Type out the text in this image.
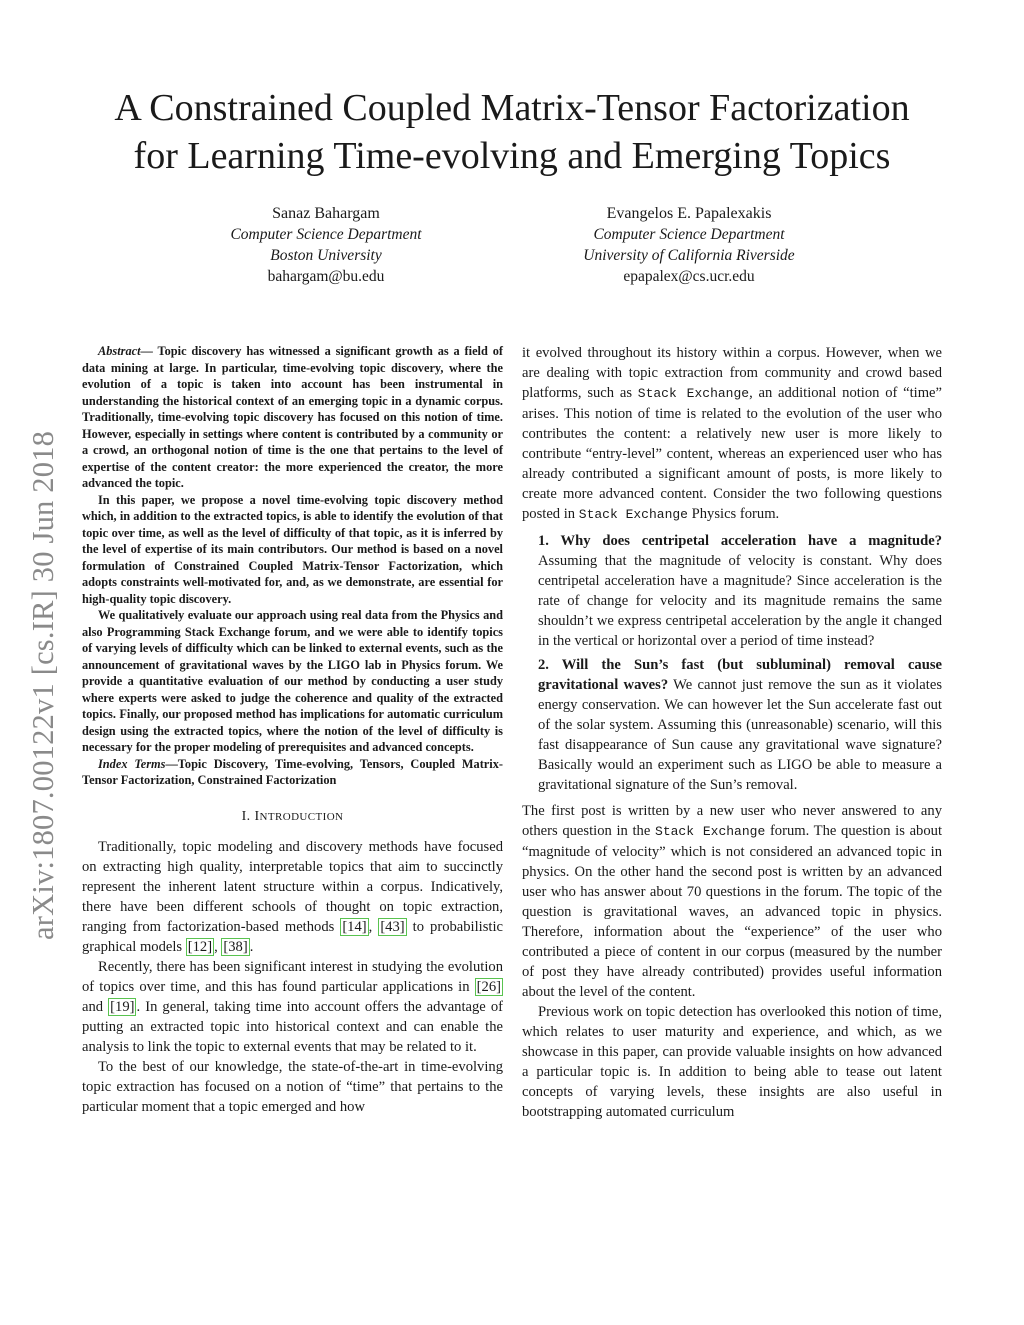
arXiv:1807.00122v1 [cs.IR] 30 Jun 2018
A Constrained Coupled Matrix-Tensor Factorization
for Learning Time-evolving and Emerging Topics
Sanaz Bahargam
Computer Science Department
Boston University
bahargam@bu.edu
Evangelos E. Papalexakis
Computer Science Department
University of California Riverside
epapalex@cs.ucr.edu

Abstract— Topic discovery has witnessed a significant growth as a field of data mining at large. In particular, time-evolving topic discovery, where the evolution of a topic is taken into account has been instrumental in understanding the historical context of an emerging topic in a dynamic corpus. Traditionally, time-evolving topic discovery has focused on this notion of time. However, especially in settings where content is contributed by a community or a crowd, an orthogonal notion of time is the one that pertains to the level of expertise of the content creator: the more experienced the creator, the more advanced the topic.

In this paper, we propose a novel time-evolving topic discovery method which, in addition to the extracted topics, is able to identify the evolution of that topic over time, as well as the level of difficulty of that topic, as it is inferred by the level of expertise of its main contributors. Our method is based on a novel formulation of Constrained Coupled Matrix-Tensor Factorization, which adopts constraints well-motivated for, and, as we demonstrate, are essential for high-quality topic discovery.

We qualitatively evaluate our approach using real data from the Physics and also Programming Stack Exchange forum, and we were able to identify topics of varying levels of difficulty which can be linked to external events, such as the announcement of gravitational waves by the LIGO lab in Physics forum. We provide a quantitative evaluation of our method by conducting a user study where experts were asked to judge the coherence and quality of the extracted topics. Finally, our proposed method has implications for automatic curriculum design using the extracted topics, where the notion of the level of difficulty is necessary for the proper modeling of prerequisites and advanced concepts.

Index Terms—Topic Discovery, Time-evolving, Tensors, Coupled Matrix-Tensor Factorization, Constrained Factorization

I. INTRODUCTION

Traditionally, topic modeling and discovery methods have focused on extracting high quality, interpretable topics that aim to succinctly represent the inherent latent structure within a corpus. Indicatively, there have been different schools of thought on topic extraction, ranging from factorization-based methods [14] , [43] to probabilistic graphical models [12] , [38] .

Recently, there has been significant interest in studying the evolution of topics over time, and this has found particular applications in [26] and [19] . In general, taking time into account offers the advantage of putting an extracted topic into historical context and can enable the analysis to link the topic to external events that may be related to it.

To the best of our knowledge, the state-of-the-art in time-evolving topic extraction has focused on a notion of “time” that pertains to the particular moment that a topic emerged and how

it evolved throughout its history within a corpus. However, when we are dealing with topic extraction from community and crowd based platforms, such as Stack Exchange, an additional notion of “time” arises. This notion of time is related to the evolution of the user who contributes the content: a relatively new user is more likely to contribute “entry-level” content, whereas an experienced user who has already contributed a significant amount of posts, is more likely to create more advanced content. Consider the two following questions posted in Stack Exchange Physics forum.

1. Why does centripetal acceleration have a magnitude? Assuming that the magnitude of velocity is constant. Why does centripetal acceleration have a magnitude? Since acceleration is the rate of change for velocity and its magnitude remains the same shouldn’t we express centripetal acceleration by the angle it changed in the vertical or horizontal over a period of time instead?

2. Will the Sun’s fast (but subluminal) removal cause gravitational waves? We cannot just remove the sun as it violates energy conservation. We can however let the Sun accelerate fast out of the solar system. Assuming this (unreasonable) scenario, will this fast disappearance of Sun cause any gravitational wave signature? Basically would an experiment such as LIGO be able to measure a gravitational signature of the Sun’s removal.

The first post is written by a new user who never answered to any others question in the Stack Exchange forum. The question is about “magnitude of velocity” which is not considered an advanced topic in physics. On the other hand the second post is written by an advanced user who has answer about 70 questions in the forum. The topic of the question is gravitational waves, an advanced topic in physics. Therefore, information about the “experience” of the user who contributed a piece of content in our corpus (measured by the number of post they have already contributed) provides useful information about the level of the content.

Previous work on topic detection has overlooked this notion of time, which relates to user maturity and experience, and which, as we showcase in this paper, can provide valuable insights on how advanced a particular topic is. In addition to being able to tease out latent concepts of varying levels, these insights are also useful in bootstrapping automated curriculum
